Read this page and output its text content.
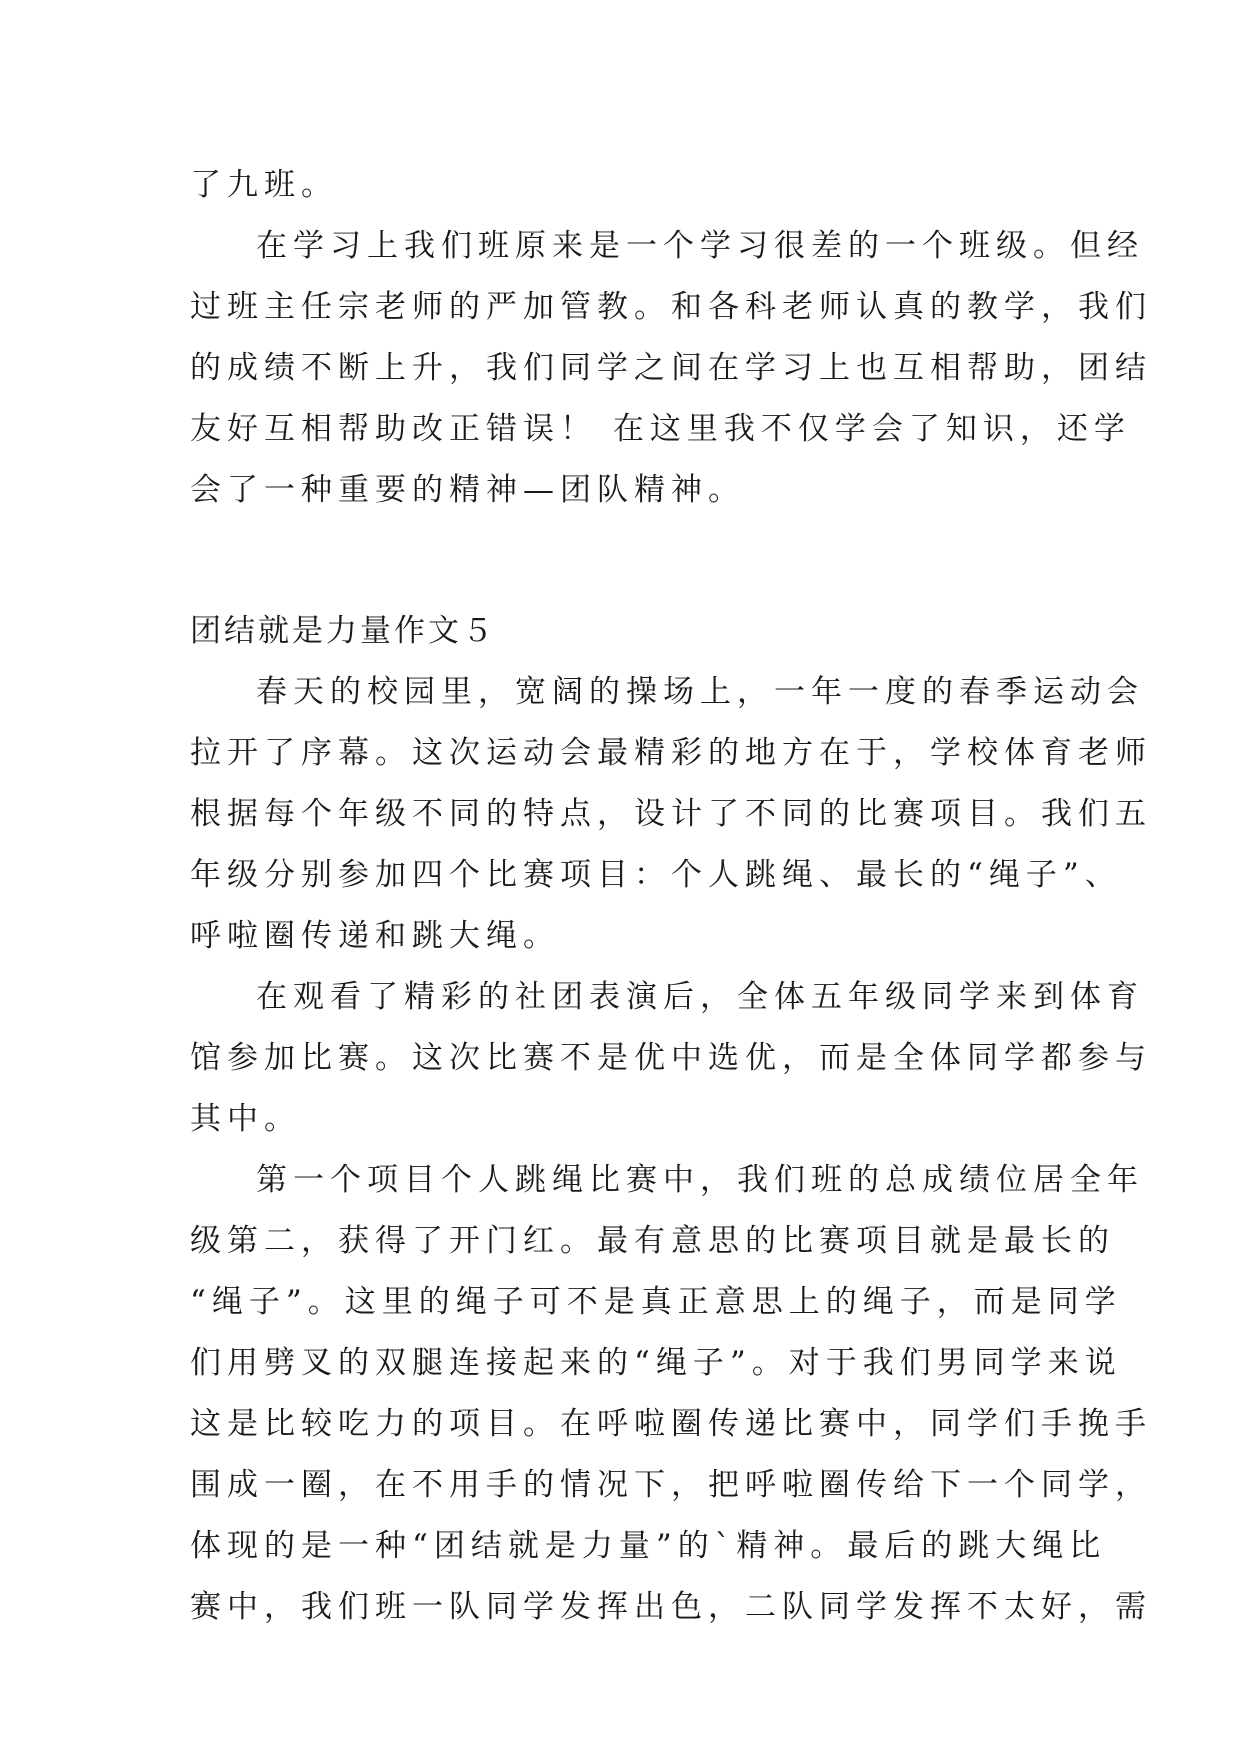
了九班。
在学习上我们班原来是一个学习很差的一个班级。但经
过班主任宗老师的严加管教。和各科老师认真的教学，我们
的成绩不断上升，我们同学之间在学习上也互相帮助，团结
友好互相帮助改正错误！ 在这里我不仅学会了知识，还学
会了一种重要的精神—团队精神。
团结就是力量作文５
春天的校园里，宽阔的操场上，一年一度的春季运动会
拉开了序幕。这次运动会最精彩的地方在于，学校体育老师
根据每个年级不同的特点，设计了不同的比赛项目。我们五
年级分别参加四个比赛项目：个人跳绳、最长的“绳子”、
呼啦圈传递和跳大绳。
在观看了精彩的社团表演后，全体五年级同学来到体育
馆参加比赛。这次比赛不是优中选优，而是全体同学都参与
其中。
第一个项目个人跳绳比赛中，我们班的总成绩位居全年
级第二，获得了开门红。最有意思的比赛项目就是最长的
“绳子”。这里的绳子可不是真正意思上的绳子，而是同学
们用劈叉的双腿连接起来的“绳子”。对于我们男同学来说
这是比较吃力的项目。在呼啦圈传递比赛中，同学们手挽手
围成一圈，在不用手的情况下，把呼啦圈传给下一个同学，
体现的是一种“团结就是力量”的`精神。最后的跳大绳比
赛中，我们班一队同学发挥出色，二队同学发挥不太好，需
